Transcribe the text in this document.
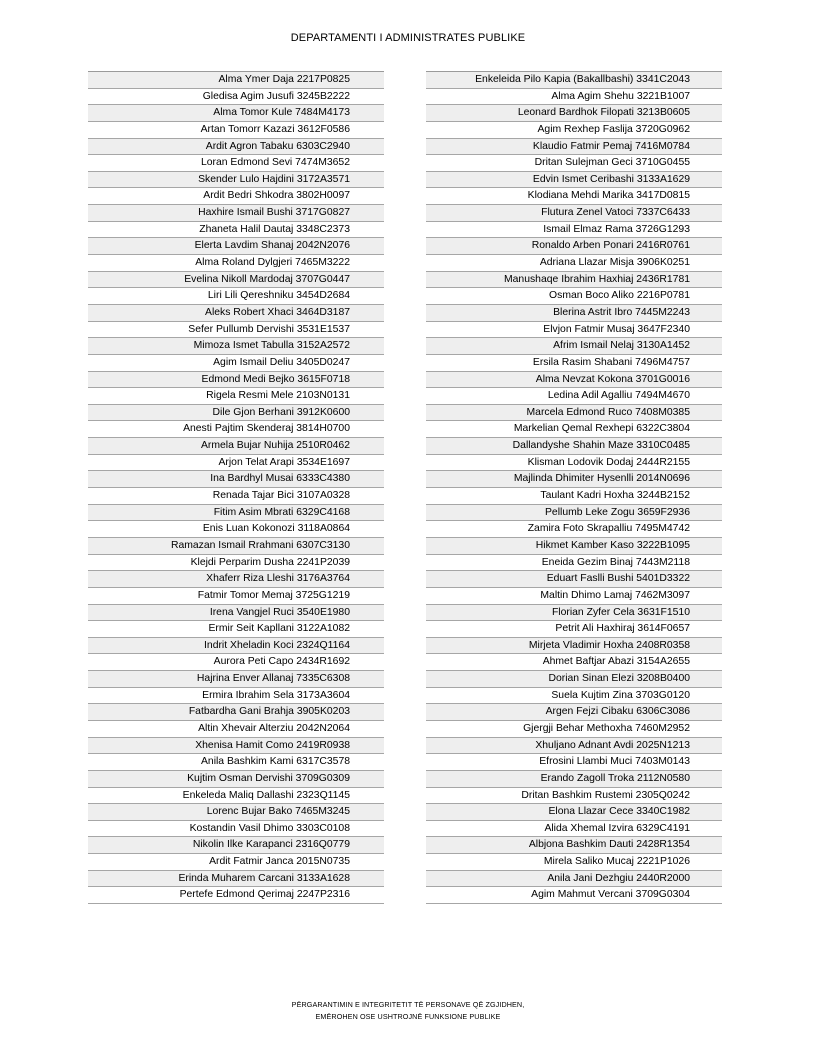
DEPARTAMENTI I ADMINISTRATES PUBLIKE
Alma Ymer Daja 2217P0825
Gledisa Agim Jusufi 3245B2222
Alma Tomor Kule 7484M4173
Artan Tomorr Kazazi 3612F0586
Ardit Agron Tabaku 6303C2940
Loran Edmond Sevi 7474M3652
Skender Lulo Hajdini 3172A3571
Ardit Bedri Shkodra 3802H0097
Haxhire Ismail Bushi 3717G0827
Zhaneta Halil Dautaj 3348C2373
Elerta Lavdim Shanaj 2042N2076
Alma Roland Dylgjeri 7465M3222
Evelina Nikoll Mardodaj 3707G0447
Liri Lili Qereshniku 3454D2684
Aleks Robert Xhaci 3464D3187
Sefer Pullumb Dervishi 3531E1537
Mimoza Ismet Tabulla 3152A2572
Agim Ismail Deliu 3405D0247
Edmond Medi Bejko 3615F0718
Rigela Resmi Mele 2103N0131
Dile Gjon Berhani 3912K0600
Anesti Pajtim Skenderaj 3814H0700
Armela Bujar Nuhija 2510R0462
Arjon Telat Arapi 3534E1697
Ina Bardhyl Musai 6333C4380
Renada Tajar Bici 3107A0328
Fitim Asim Mbrati 6329C4168
Enis Luan Kokonozi 3118A0864
Ramazan Ismail Rrahmani 6307C3130
Klejdi Perparim Dusha 2241P2039
Xhaferr Riza Lleshi 3176A3764
Fatmir Tomor Memaj 3725G1219
Irena Vangjel Ruci 3540E1980
Ermir Seit Kapllani 3122A1082
Indrit Xheladin Koci 2324Q1164
Aurora Peti Capo 2434R1692
Hajrina Enver Allanaj 7335C6308
Ermira Ibrahim Sela 3173A3604
Fatbardha Gani Brahja 3905K0203
Altin Xhevair Alterziu 2042N2064
Xhenisa Hamit Como 2419R0938
Anila Bashkim Kami 6317C3578
Kujtim Osman Dervishi 3709G0309
Enkeleda Maliq Dallashi 2323Q1145
Lorenc Bujar Bako 7465M3245
Kostandin Vasil Dhimo 3303C0108
Nikolin Ilke Karapanci 2316Q0779
Ardit Fatmir Janca 2015N0735
Erinda Muharem Carcani 3133A1628
Pertefe Edmond Qerimaj 2247P2316
Enkeleida Pilo Kapia (Bakallbashi) 3341C2043
Alma Agim Shehu 3221B1007
Leonard Bardhok Filopati 3213B0605
Agim Rexhep Faslija 3720G0962
Klaudio Fatmir Pemaj 7416M0784
Dritan Sulejman Geci 3710G0455
Edvin Ismet Ceribashi 3133A1629
Klodiana Mehdi Marika 3417D0815
Flutura Zenel Vatoci 7337C6433
Ismail Elmaz Rama 3726G1293
Ronaldo Arben Ponari 2416R0761
Adriana Llazar Misja 3906K0251
Manushaqe Ibrahim Haxhiaj 2436R1781
Osman Boco Aliko 2216P0781
Blerina Astrit Ibro 7445M2243
Elvjon Fatmir Musaj 3647F2340
Afrim Ismail Nelaj 3130A1452
Ersila Rasim Shabani 7496M4757
Alma Nevzat Kokona 3701G0016
Ledina Adil Agalliu 7494M4670
Marcela Edmond Ruco 7408M0385
Markelian Qemal Rexhepi 6322C3804
Dallandyshe Shahin Maze 3310C0485
Klisman Lodovik Dodaj 2444R2155
Majlinda Dhimiter Hysenlli 2014N0696
Taulant Kadri Hoxha 3244B2152
Pellumb Leke Zogu 3659F2936
Zamira Foto Skrapalliu 7495M4742
Hikmet Kamber Kaso 3222B1095
Eneida Gezim Binaj 7443M2118
Eduart Faslli Bushi 5401D3322
Maltin Dhimo Lamaj 7462M3097
Florian Zyfer Cela 3631F1510
Petrit Ali Haxhiraj 3614F0657
Mirjeta Vladimir Hoxha 2408R0358
Ahmet Baftjar Abazi 3154A2655
Dorian Sinan Elezi 3208B0400
Suela Kujtim Zina 3703G0120
Argen Fejzi Cibaku 6306C3086
Gjergji Behar Methoxha 7460M2952
Xhuljano Adnant Avdi 2025N1213
Efrosini Llambi Muci 7403M0143
Erando Zagoll Troka 2112N0580
Dritan Bashkim Rustemi 2305Q0242
Elona Llazar Cece 3340C1982
Alida Xhemal Izvira 6329C4191
Albjona Bashkim Dauti 2428R1354
Mirela Saliko Mucaj 2221P1026
Anila Jani Dezhgiu 2440R2000
Agim Mahmut Vercani 3709G0304
PËRGARANTIMIN E INTEGRITETIT TË PERSONAVE QË ZGJIDHEN,
EMËROHEN OSE USHTROJNË FUNKSIONE PUBLIKE
